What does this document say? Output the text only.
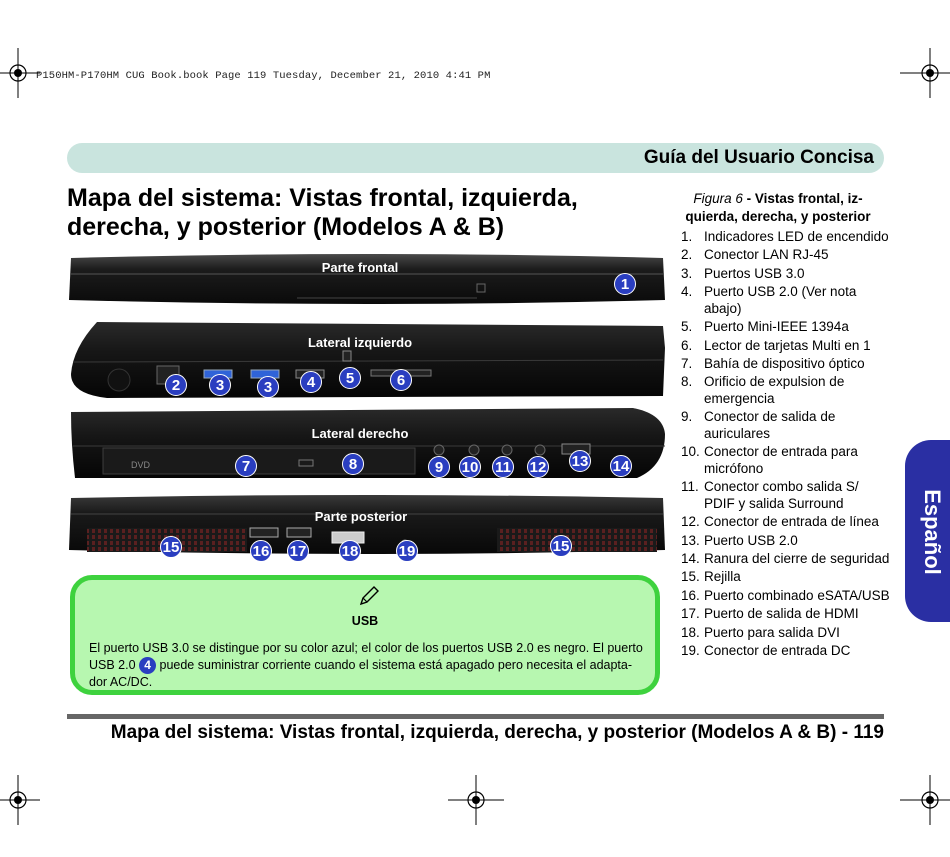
P150HM-P170HM CUG Book.book Page 119 Tuesday, December 21, 2010 4:41 PM
Guía del Usuario Concisa
Mapa del sistema: Vistas frontal, izquierda, derecha, y posterior (Modelos A & B)
Figura 6 - Vistas frontal, iz-quierda, derecha, y posterior
1. Indicadores LED de encendido
2. Conector LAN RJ-45
3. Puertos USB 3.0
4. Puerto USB 2.0 (Ver nota abajo)
5. Puerto Mini-IEEE 1394a
6. Lector de tarjetas Multi en 1
7. Bahía de dispositivo óptico
8. Orificio de expulsion de emergencia
9. Conector de salida de auriculares
10. Conector de entrada para micrófono
11. Conector combo salida S/ PDIF y salida Surround
12. Conector de entrada de línea
13. Puerto USB 2.0
14. Ranura del cierre de seguridad
15. Rejilla
16. Puerto combinado eSATA/USB
17. Puerto de salida de HDMI
18. Puerto para salida DVI
19. Conector de entrada DC
Parte frontal
1
Lateral izquierdo
2	3	3	4	5	6
DVD
Lateral derecho
7	8	9	10 11 12 13 14
Parte posterior
15	16 17 18	19	15
USB
El puerto USB 3.0 se distingue por su color azul; el color de los puertos USB 2.0 es negro. El puerto USB 2.0 4 puede suministrar corriente cuando el sistema está apagado pero necesita el adapta-dor AC/DC.
Mapa del sistema: Vistas frontal, izquierda, derecha, y posterior (Modelos A & B) - 119
Español
